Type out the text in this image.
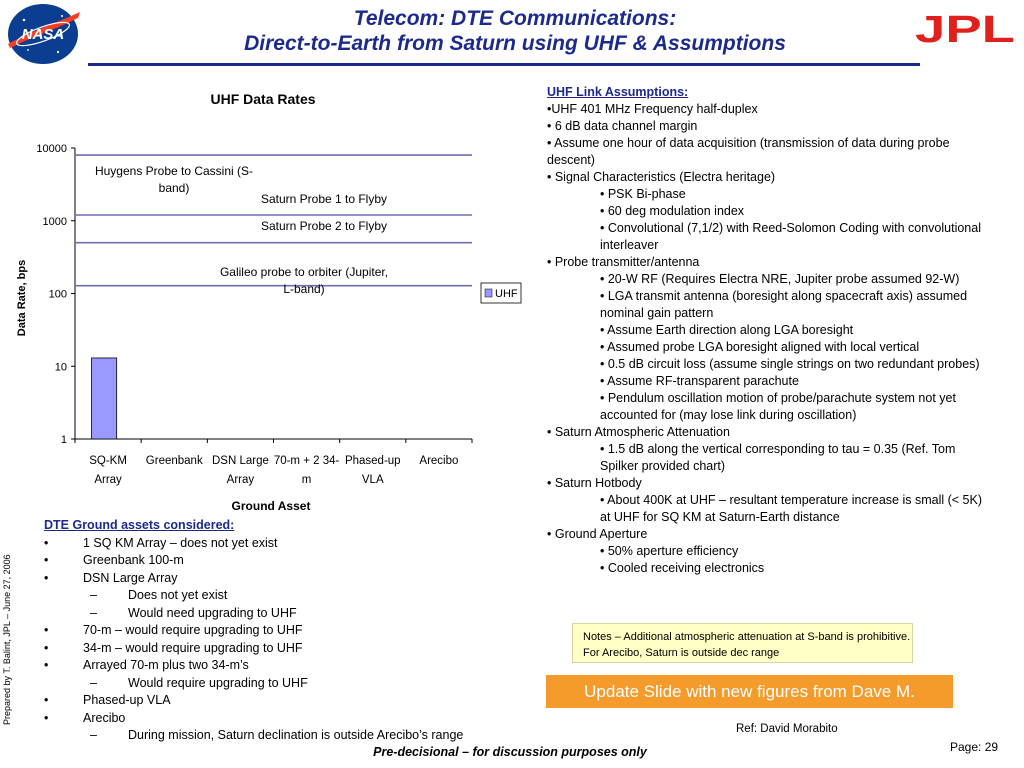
NASA
Telecom: DTE Communications:
Direct-to-Earth from Saturn using UHF & Assumptions	JPL
UHF Data Rates
1
10
100
1000
10000
SQ-KM
Array
Greenbank DSN Large
Array
70-m + 2 34-
m
Phased-up
VLA
Arecibo
Huygens Probe to Cassini (S-
band)
Saturn Probe 1 to Flyby
Saturn Probe 2 to Flyby
Galileo probe to orbiter (Jupiter,
L-band)
Ground Asset
Data Rate, bps	UHF
DTE Ground assets considered:
•	1 SQ KM Array – does not yet exist
•	Greenbank 100-m
•	DSN Large Array
– Does not yet exist
– Would need upgrading to UHF
•	70-m – would require upgrading to UHF
•	34-m – would require upgrading to UHF
•	Arrayed 70-m plus two 34-m’s
– Would require upgrading to UHF
•	Phased-up VLA
•	Arecibo
– During mission, Saturn declination is outside Arecibo’s range
UHF Link Assumptions:
•UHF 401 MHz Frequency half-duplex
• 6 dB data channel margin
• Assume one hour of data acquisition (transmission of data during probe descent)
• Signal Characteristics (Electra heritage)
• PSK Bi-phase
• 60 deg modulation index
• Convolutional (7,1/2) with Reed-Solomon Coding with convolutional interleaver
• Probe transmitter/antenna
• 20-W RF (Requires Electra NRE, Jupiter probe assumed 92-W)
• LGA transmit antenna (boresight along spacecraft axis) assumed nominal gain pattern
• Assume Earth direction along LGA boresight
• Assumed probe LGA boresight aligned with local vertical
• 0.5 dB circuit loss (assume single strings on two redundant probes)
• Assume RF-transparent parachute
• Pendulum oscillation motion of probe/parachute system not yet accounted for (may lose link during oscillation)
• Saturn Atmospheric Attenuation
• 1.5 dB along the vertical corresponding to tau = 0.35 (Ref. Tom Spilker provided chart)
• Saturn Hotbody
• About 400K at UHF – resultant temperature increase is small (< 5K) at UHF for SQ KM at Saturn-Earth distance
• Ground Aperture
• 50% aperture efficiency
• Cooled receiving electronics
Notes – Additional atmospheric attenuation at S-band is prohibitive. For Arecibo, Saturn is outside dec range
Update Slide with new figures from Dave M.
Ref: David Morabito
Prepared by T. Balint, JPL – June 27, 2006
Pre-decisional – for discussion purposes only	Page: 29
